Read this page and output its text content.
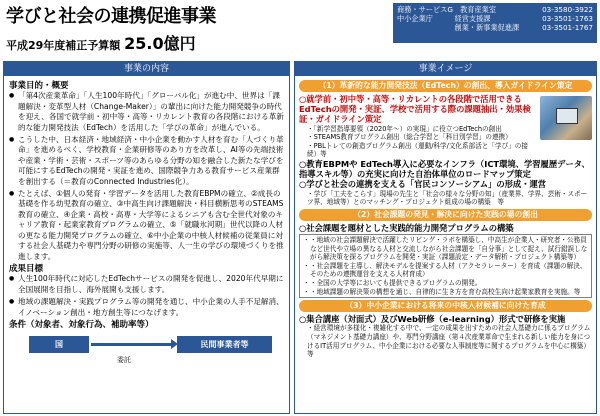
学びと社会の連携促進事業
平成29年度補正予算額 25.0億円
商務・サービスG　教育産業室	03-3580-3922
中小企業庁　　　経営支援課	03-3501-1763
　　　　　　　　創業・新事業促進課	03-3501-1767
事業の内容
事業目的・概要
● 「第4次産業革命」「人生100年時代」「グローバル化」が進む中、世界は「課題解決・変革型人材（Change-Maker）」の輩出に向けた能力開発競争の時代を迎え、各国で就学前・初中等・高等・リカレント教育の各段階における革新的な能力開発技法（EdTech）を活用した「学びの革命」が進んでいる。
● こうした中、日本経済・地域経済・中小企業を動かす人材を育む「人づくり革命」を進めるべく、学校教育・企業研修等のあり方を改革し、AI等の先端技術や産業・学術・芸術・スポーツ等のあらゆる分野の知を融合した新たな学びを可能にするEdTechの開発・実証を進め、国際競争力ある教育サービス産業群を創出する（＝教育のConnected Industries化）。
● たとえば、①個人の発育・学習データを活用した教育EBPMの確立、②成長の基礎を作る幼児教育の確立、③中高生向け課題解決・科目横断思考のSTEAMS教育の確立、④企業・高校・高専・大学等によるシニアも含む全世代対象のキャリア教育・起業家教育プログラムの確立、⑤「就職氷河期」世代以降の人材の更なる能力開発プログラムの確立、⑥中小企業の中核人材候補の従業員に対する社会人基礎力や専門分野の研修の実施等、人一生の学びの環境づくりを推進します。
成果目標
● 人生100年時代に対応したEdTechサービスの開発を促進し、2020年代早期に全国展開を目指し、海外展開も支援します。
● 地域の課題解決・実践プログラム等の開発を通じ、中小企業の人手不足解消、イノベーション創出・地方創生等につなげます。
条件（対象者、対象行為、補助率等）
国	民間事業者等
委託
事業イメージ
（1）革新的な能力開発技法（EdTech）の創出、導入ガイドライン策定
○就学前・初中等・高等・リカレントの各段階で活用できるEdTechの開発・実証、学校で活用する際の課題抽出・効果検証・ガイドライン策定
・「新学習指導要領（2020年～）の実現」に役立つEdTechの創出
・STEAMS教育プログラム創出（総合学習と「科目別学習」の連携）
・PBLトレての創造プログラム創出（運動/科学/文化系部活と「学び」の接続）等
○教育EBPMや EdTech導入に必要なインフラ（ICT環境、学習履歴データ、指導スキル等）の充実に向けた自治体単位のロードマップ策定
○学びと社会の連携を支える「官民コンソーシアム」の形成・運営
・学び「工夫をこらす」現場の先生と「社会の様々な分野の知」（産業界、学界、芸術・スポーツ界、地域等）とのマッチング・プロジェクト組成の場の構築　等
（2）社会課題の発見・解決に向けた実践の場の創出
○社会課題を題材とした実践的能力開発プログラムの構築
・ ・地域の社会課題解決で活躍したリビング・ラボを構築し、中高生が企業人・研究者・公務員など世代や立場の異なる人材と交流しながら社会課題を「自分事」として捉え、試行錯誤しながら解決策を探るプログラムを開発・実証（課題設定・データ解析・プロジェクト構築等）
・ ・社会課題を主導し、解決モデルを提案する人材（アクセラレーター）を育成（課題の解決、そのための連携運営を支える人材育成）
・ ・全国の大学等においても提供できるプログラムの開発。
・ ・地域課題の解決策の構想を通じ、自律的に生き方を育む高校生向け起業家教育を実施。等
（3）中小企業における将来の中核人材候補に向けた育成
○集合講座（対面式）及びWeb研修（e-learning）形式で研修を実施
・経営環境が多様化・複雑化する中で、一定の成果を出すための社会人基礎力に係るプログラム（マネジメント基礎力講座）や、専門分野講座（第４次産業革命で生まれる新しい能力を身につけるIT活用プログラム、中小企業における必要な人事制度等に関するプログラムを中心に構築）等
